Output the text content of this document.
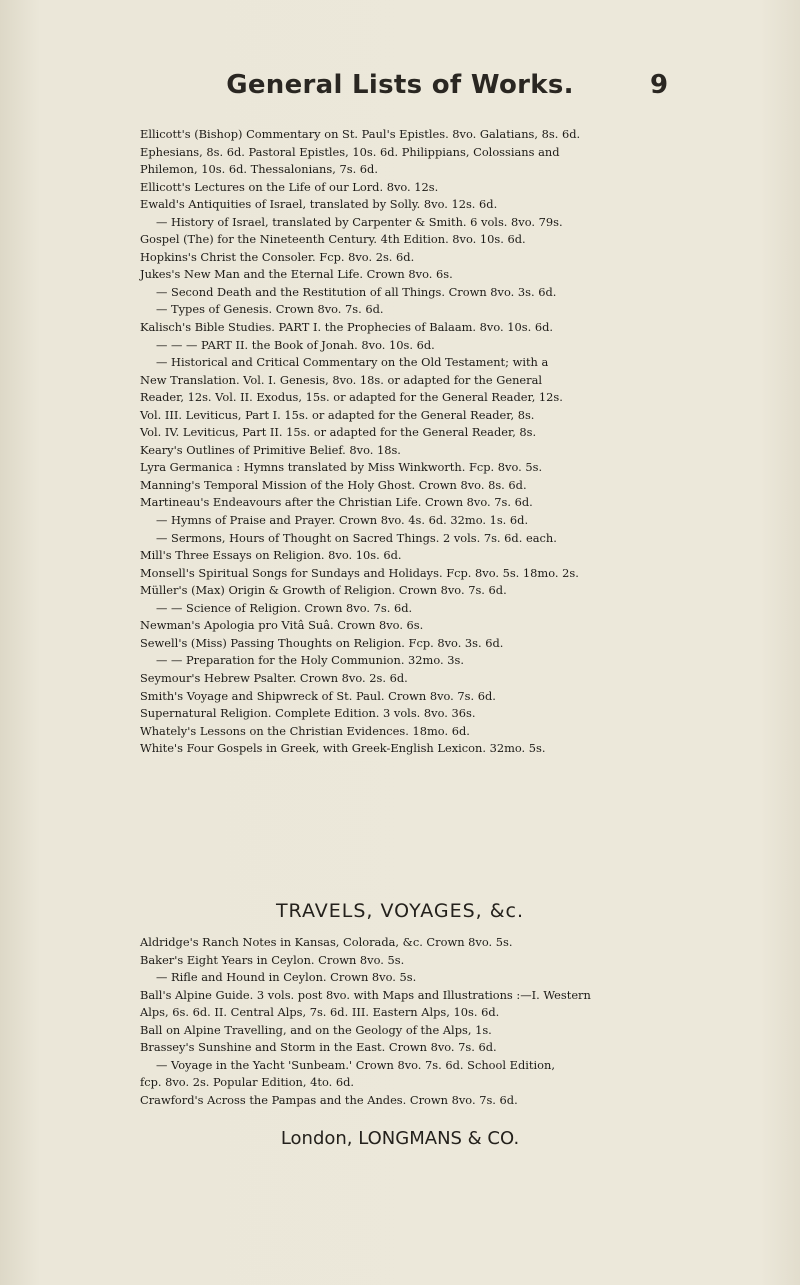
General Lists of Works.	9
Ellicott's (Bishop) Commentary on St. Paul's Epistles. 8vo. Galatians, 8s. 6d.
Ephesians, 8s. 6d. Pastoral Epistles, 10s. 6d. Philippians, Colossians and
Philemon, 10s. 6d. Thessalonians, 7s. 6d.
Ellicott's Lectures on the Life of our Lord. 8vo. 12s.
Ewald's Antiquities of Israel, translated by Solly. 8vo. 12s. 6d.
— History of Israel, translated by Carpenter & Smith. 6 vols. 8vo. 79s.
Gospel (The) for the Nineteenth Century. 4th Edition. 8vo. 10s. 6d.
Hopkins's Christ the Consoler. Fcp. 8vo. 2s. 6d.
Jukes's New Man and the Eternal Life. Crown 8vo. 6s.
— Second Death and the Restitution of all Things. Crown 8vo. 3s. 6d.
— Types of Genesis. Crown 8vo. 7s. 6d.
Kalisch's Bible Studies. PART I. the Prophecies of Balaam. 8vo. 10s. 6d.
— — — PART II. the Book of Jonah. 8vo. 10s. 6d.
— Historical and Critical Commentary on the Old Testament; with a
New Translation. Vol. I. Genesis, 8vo. 18s. or adapted for the General
Reader, 12s. Vol. II. Exodus, 15s. or adapted for the General Reader, 12s.
Vol. III. Leviticus, Part I. 15s. or adapted for the General Reader, 8s.
Vol. IV. Leviticus, Part II. 15s. or adapted for the General Reader, 8s.
Keary's Outlines of Primitive Belief. 8vo. 18s.
Lyra Germanica : Hymns translated by Miss Winkworth. Fcp. 8vo. 5s.
Manning's Temporal Mission of the Holy Ghost. Crown 8vo. 8s. 6d.
Martineau's Endeavours after the Christian Life. Crown 8vo. 7s. 6d.
— Hymns of Praise and Prayer. Crown 8vo. 4s. 6d. 32mo. 1s. 6d.
— Sermons, Hours of Thought on Sacred Things. 2 vols. 7s. 6d. each.
Mill's Three Essays on Religion. 8vo. 10s. 6d.
Monsell's Spiritual Songs for Sundays and Holidays. Fcp. 8vo. 5s. 18mo. 2s.
Müller's (Max) Origin & Growth of Religion. Crown 8vo. 7s. 6d.
— — Science of Religion. Crown 8vo. 7s. 6d.
Newman's Apologia pro Vitâ Suâ. Crown 8vo. 6s.
Sewell's (Miss) Passing Thoughts on Religion. Fcp. 8vo. 3s. 6d.
— — Preparation for the Holy Communion. 32mo. 3s.
Seymour's Hebrew Psalter. Crown 8vo. 2s. 6d.
Smith's Voyage and Shipwreck of St. Paul. Crown 8vo. 7s. 6d.
Supernatural Religion. Complete Edition. 3 vols. 8vo. 36s.
Whately's Lessons on the Christian Evidences. 18mo. 6d.
White's Four Gospels in Greek, with Greek-English Lexicon. 32mo. 5s.
TRAVELS, VOYAGES, &c.
Aldridge's Ranch Notes in Kansas, Colorada, &c. Crown 8vo. 5s.
Baker's Eight Years in Ceylon. Crown 8vo. 5s.
— Rifle and Hound in Ceylon. Crown 8vo. 5s.
Ball's Alpine Guide. 3 vols. post 8vo. with Maps and Illustrations :—I. Western
Alps, 6s. 6d. II. Central Alps, 7s. 6d. III. Eastern Alps, 10s. 6d.
Ball on Alpine Travelling, and on the Geology of the Alps, 1s.
Brassey's Sunshine and Storm in the East. Crown 8vo. 7s. 6d.
— Voyage in the Yacht 'Sunbeam.' Crown 8vo. 7s. 6d. School Edition,
fcp. 8vo. 2s. Popular Edition, 4to. 6d.
Crawford's Across the Pampas and the Andes. Crown 8vo. 7s. 6d.
London, LONGMANS & CO.
